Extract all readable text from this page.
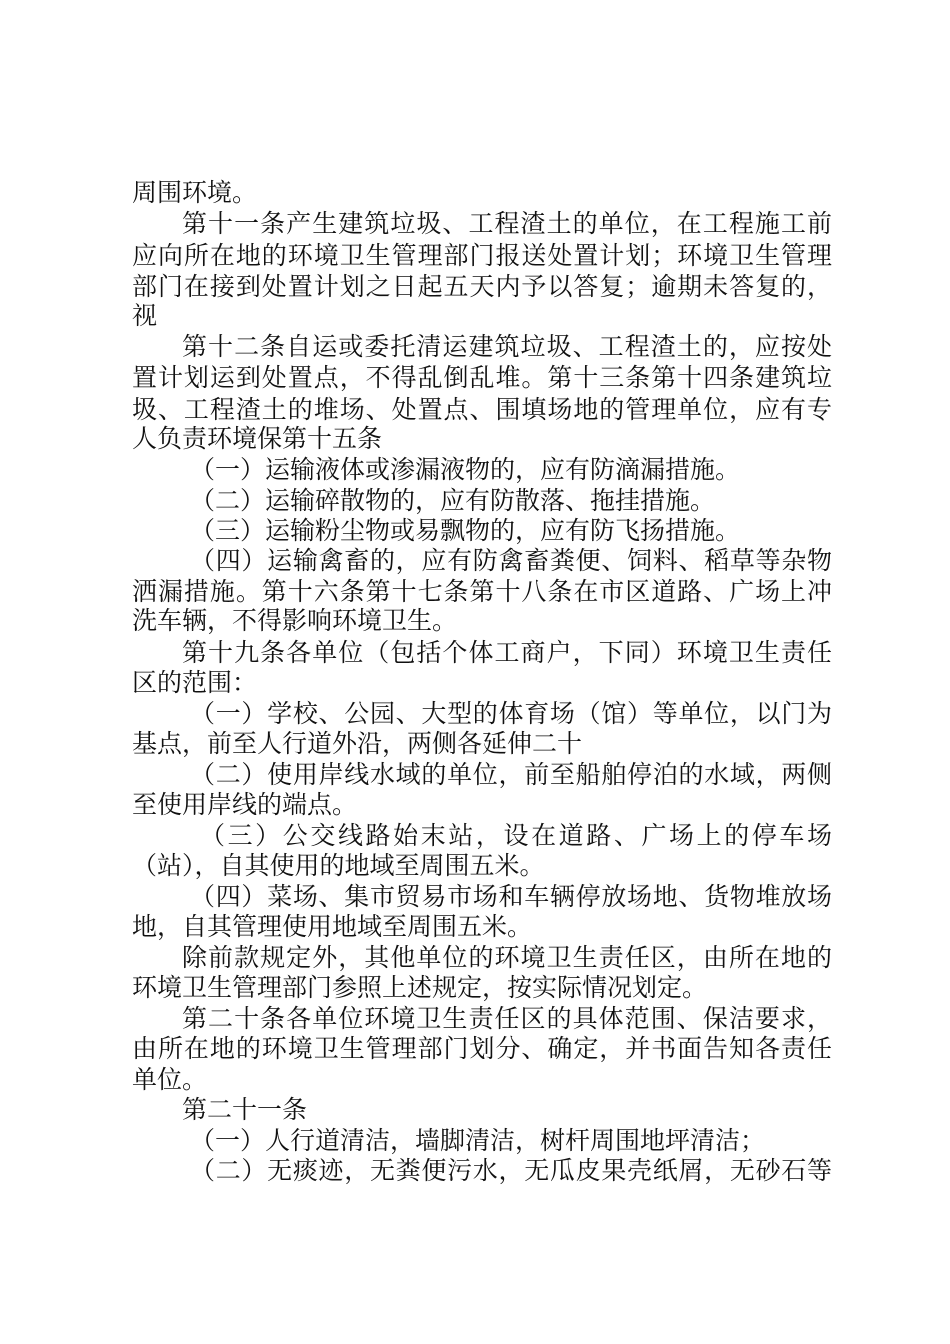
周围环境。
第十一条产生建筑垃圾、工程渣土的单位，在工程施工前
应向所在地的环境卫生管理部门报送处置计划；环境卫生管理
部门在接到处置计划之日起五天内予以答复；逾期未答复的，
视
第十二条自运或委托清运建筑垃圾、工程渣土的，应按处
置计划运到处置点，不得乱倒乱堆。第十三条第十四条建筑垃
圾、工程渣土的堆场、处置点、围填场地的管理单位，应有专
人负责环境保第十五条
（一）运输液体或渗漏液物的，应有防滴漏措施。
（二）运输碎散物的，应有防散落、拖挂措施。
（三）运输粉尘物或易飘物的，应有防飞扬措施。
（四）运输禽畜的，应有防禽畜粪便、饲料、稻草等杂物
洒漏措施。第十六条第十七条第十八条在市区道路、广场上冲
洗车辆，不得影响环境卫生。
第十九条各单位（包括个体工商户，下同）环境卫生责任
区的范围：
（一）学校、公园、大型的体育场（馆）等单位，以门为
基点，前至人行道外沿，两侧各延伸二十
（二）使用岸线水域的单位，前至船舶停泊的水域，两侧
至使用岸线的端点。
（三）公交线路始末站，设在道路、广场上的停车场
（站），自其使用的地域至周围五米。
（四）菜场、集市贸易市场和车辆停放场地、货物堆放场
地，自其管理使用地域至周围五米。
除前款规定外，其他单位的环境卫生责任区，由所在地的
环境卫生管理部门参照上述规定，按实际情况划定。
第二十条各单位环境卫生责任区的具体范围、保洁要求，
由所在地的环境卫生管理部门划分、确定，并书面告知各责任
单位。
第二十一条
（一）人行道清洁，墙脚清洁，树杆周围地坪清洁；
（二）无痰迹，无粪便污水，无瓜皮果壳纸屑，无砂石等
